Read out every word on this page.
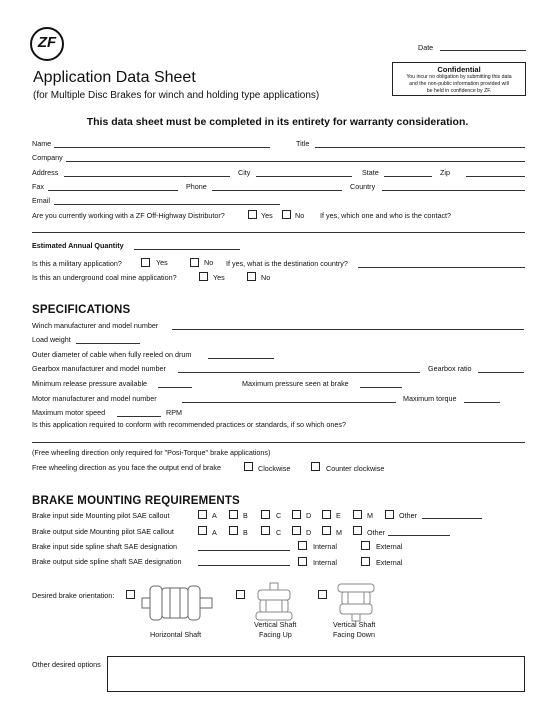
ZF	Date
Confidential
You incur no obligation by submitting this data
and the non-public information provided will
be held in confidence by ZF.
Application Data Sheet
(for Multiple Disc Brakes for winch and holding type applications)
This data sheet must be completed in its entirety for warranty consideration.
Name	Title
Company
Address	City	State	Zip
Fax	Phone	Country
Email
Are you currently working with a ZF Off-Highway Distributor?	Yes	No If yes, which one and who is the contact?
Estimated Annual Quantity
Is this a military application?	Yes	No If yes, what is the destination country?
Is this an underground coal mine application?	Yes	No
SPECIFICATIONS
Winch manufacturer and model number
Load weight
Outer diameter of cable when fully reeled on drum
Gearbox manufacturer and model number	Gearbox ratio
Minimum release pressure available	Maximum pressure seen at brake
Motor manufacturer and model number	Maximum torque
Maximum motor speed	RPM
Is this application required to conform with recommended practices or standards, if so which ones?
(Free wheeling direction only required for "Posi-Torque" brake applications)
Free wheeling direction as you face the output end of brake	Clockwise	Counter clockwise
BRAKE MOUNTING REQUIREMENTS
Brake input side Mounting pilot SAE callout	A	B	C	D	E	M	Other
Brake output side Mounting pilot SAE callout	A	B	C	D	M	Other
Brake input side spline shaft SAE designation	Internal	External
Brake output side spline shaft SAE designation	Internal	External
Desired brake orientation:
Horizontal Shaft
Vertical Shaft
Facing Up
Vertical Shaft
Facing Down
Other desired options
